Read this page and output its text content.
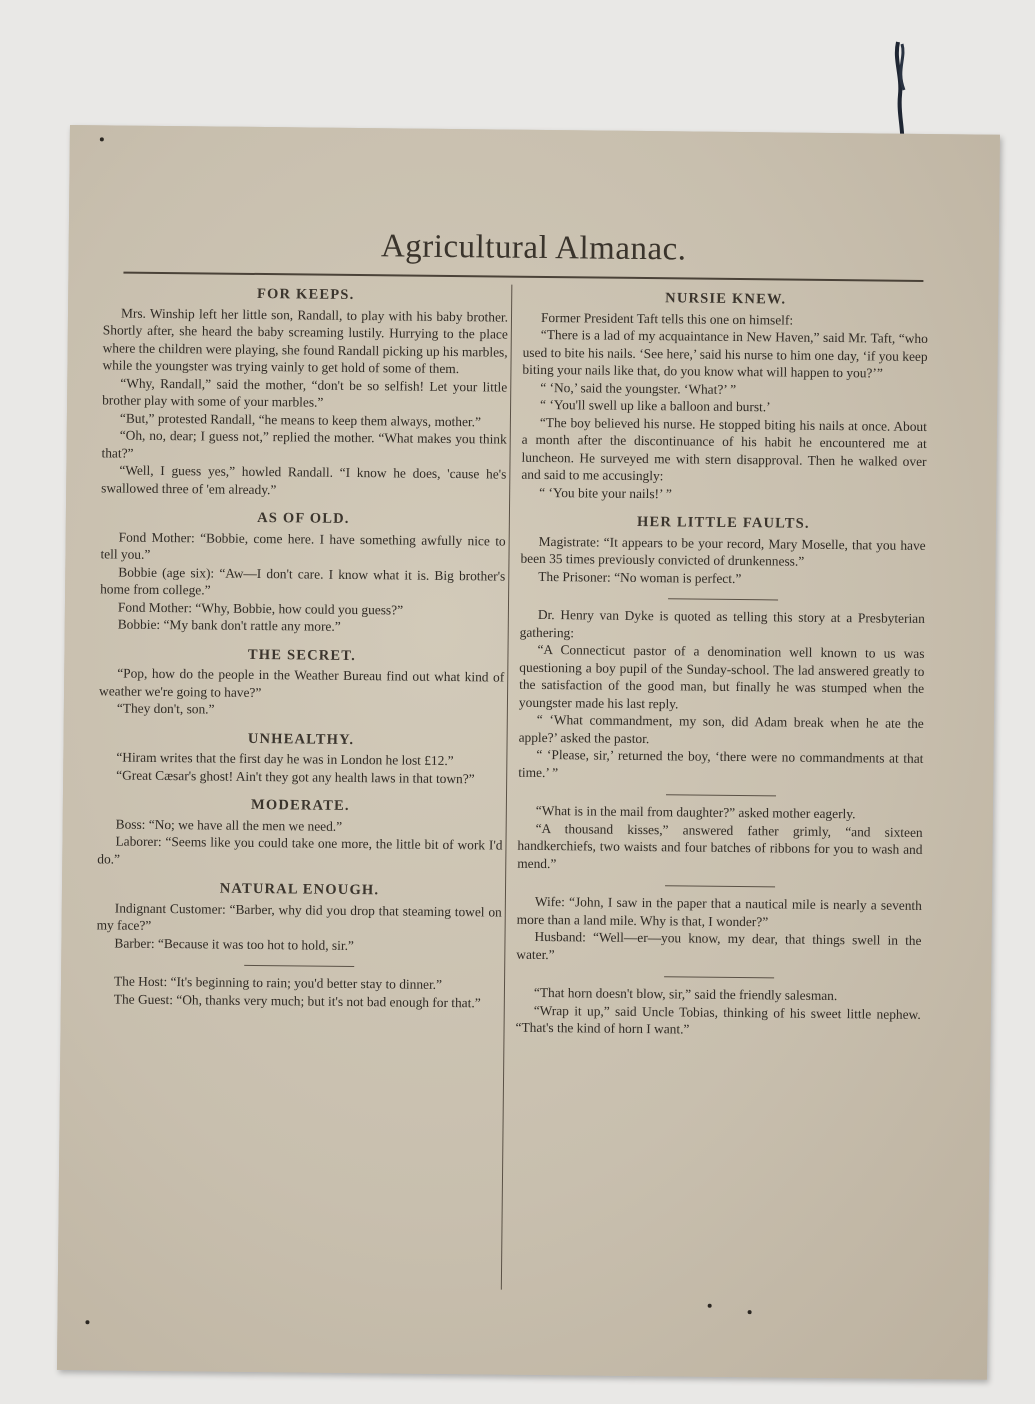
Agricultural Almanac.
FOR KEEPS.

Mrs. Winship left her little son, Randall, to play with his baby brother. Shortly after, she heard the baby screaming lustily. Hurrying to the place where the children were playing, she found Randall picking up his marbles, while the youngster was trying vainly to get hold of some of them.

“Why, Randall,” said the mother, “don't be so selfish! Let your little brother play with some of your marbles.”

“But,” protested Randall, “he means to keep them always, mother.”

“Oh, no, dear; I guess not,” replied the mother. “What makes you think that?”

“Well, I guess yes,” howled Randall. “I know he does, 'cause he's swallowed three of 'em already.”

AS OF OLD.

Fond Mother: “Bobbie, come here. I have something awfully nice to tell you.”

Bobbie (age six): “Aw—I don't care. I know what it is. Big brother's home from college.”

Fond Mother: “Why, Bobbie, how could you guess?”

Bobbie: “My bank don't rattle any more.”

THE SECRET.

“Pop, how do the people in the Weather Bureau find out what kind of weather we're going to have?”

“They don't, son.”

UNHEALTHY.

“Hiram writes that the first day he was in London he lost £12.”

“Great Cæsar's ghost! Ain't they got any health laws in that town?”

MODERATE.

Boss: “No; we have all the men we need.”

Laborer: “Seems like you could take one more, the little bit of work I'd do.”

NATURAL ENOUGH.

Indignant Customer: “Barber, why did you drop that steaming towel on my face?”

Barber: “Because it was too hot to hold, sir.”

The Host: “It's beginning to rain; you'd better stay to dinner.”

The Guest: “Oh, thanks very much; but it's not bad enough for that.”

NURSIE KNEW.

Former President Taft tells this one on himself:

“There is a lad of my acquaintance in New Haven,” said Mr. Taft, “who used to bite his nails. ‘See here,’ said his nurse to him one day, ‘if you keep biting your nails like that, do you know what will happen to you?’”

“ ‘No,’ said the youngster. ‘What?’ ”

“ ‘You'll swell up like a balloon and burst.’

“The boy believed his nurse. He stopped biting his nails at once. About a month after the discontinuance of his habit he encountered me at luncheon. He surveyed me with stern disapproval. Then he walked over and said to me accusingly:

“ ‘You bite your nails!’ ”

HER LITTLE FAULTS.

Magistrate: “It appears to be your record, Mary Moselle, that you have been 35 times previously convicted of drunkenness.”

The Prisoner: “No woman is perfect.”

Dr. Henry van Dyke is quoted as telling this story at a Presbyterian gathering:

“A Connecticut pastor of a denomination well known to us was questioning a boy pupil of the Sunday-school. The lad answered greatly to the satisfaction of the good man, but finally he was stumped when the youngster made his last reply.

“ ‘What commandment, my son, did Adam break when he ate the apple?’ asked the pastor.

“ ‘Please, sir,’ returned the boy, ‘there were no commandments at that time.’ ”

“What is in the mail from daughter?” asked mother eagerly.

“A thousand kisses,” answered father grimly, “and sixteen handkerchiefs, two waists and four batches of ribbons for you to wash and mend.”

Wife: “John, I saw in the paper that a nautical mile is nearly a seventh more than a land mile. Why is that, I wonder?”

Husband: “Well—er—you know, my dear, that things swell in the water.”

“That horn doesn't blow, sir,” said the friendly salesman.

“Wrap it up,” said Uncle Tobias, thinking of his sweet little nephew. “That's the kind of horn I want.”
